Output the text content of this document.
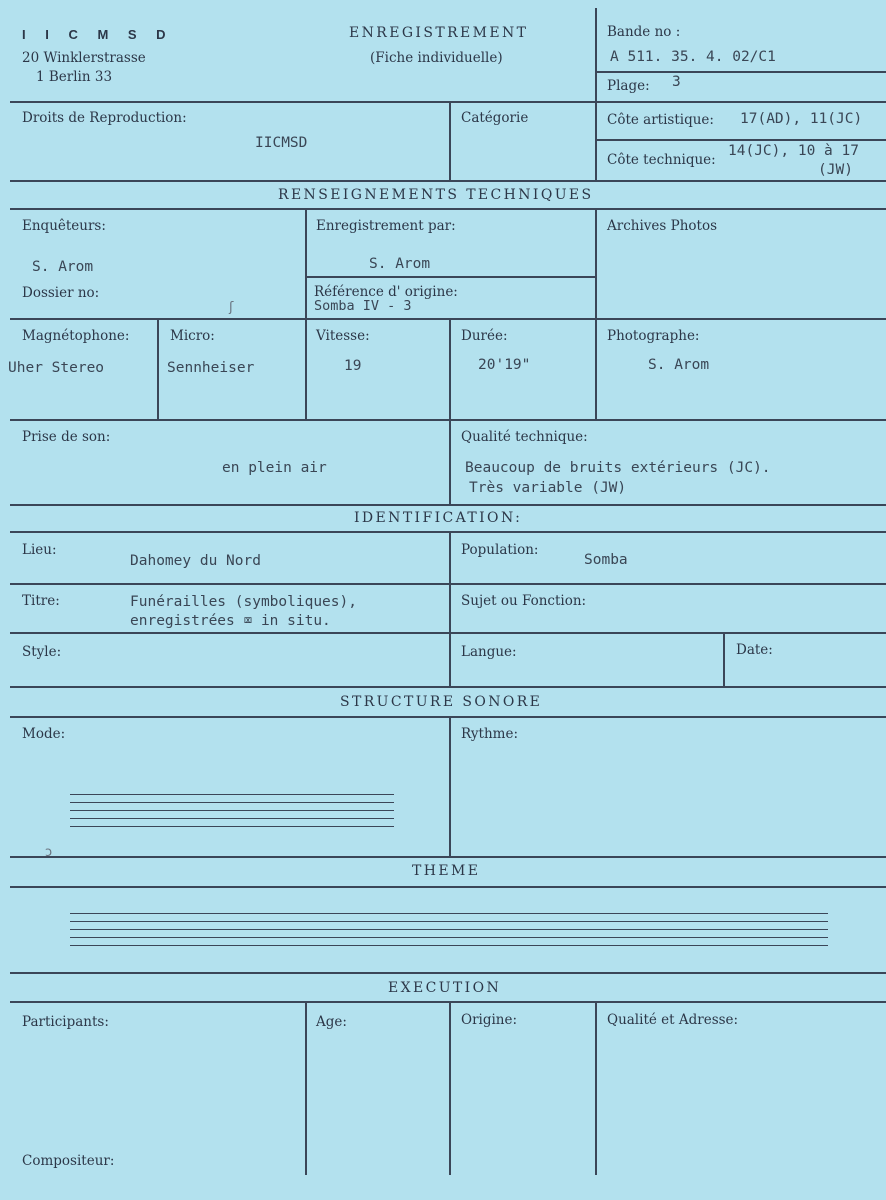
I I C M S D
20 Winklerstrasse
1 Berlin 33
ENREGISTREMENT
(Fiche individuelle)
Bande no :
A 511. 35. 4. 02/C1
Plage: 3
Droits de Reproduction:
IICMSD
Catégorie	Côte artistique: 17(AD), 11(JC)
Côte technique:
14(JC), 10 à 17
(JW)
RENSEIGNEMENTS TECHNIQUES
Enquêteurs:
S. Arom
Enregistrement par:
S. Arom
Archives Photos
Dossier no:	Référence d' origine:
Somba IV - 3
Magnétophone:
Uher Stereo
Micro:
Sennheiser
Vitesse:
19
Durée:
20'19"
Photographe:
S. Arom
Prise de son:
en plein air
Qualité technique:
Beaucoup de bruits extérieurs (JC).
Très variable (JW)
IDENTIFICATION:
Lieu:
Dahomey du Nord
Population:
Somba
Titre:	Funérailles (symboliques),
enregistrées ⌧ in situ.
Sujet ou Fonction:
Style:	Langue:	Date:
STRUCTURE SONORE
Mode:	Rythme:
THEME
EXECUTION
Participants:	Age:	Origine:	Qualité et Adresse:
Compositeur:
ʃ
ↄ
